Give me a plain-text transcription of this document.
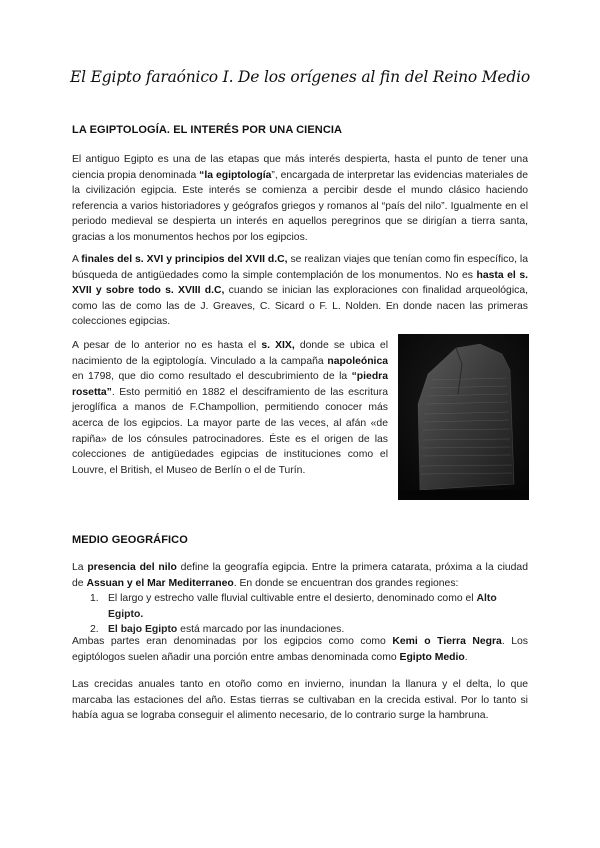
El Egipto faraónico I. De los orígenes al fin del Reino Medio
LA EGIPTOLOGÍA. EL INTERÉS POR UNA CIENCIA

El antiguo Egipto es una de las etapas que más interés despierta, hasta el punto de tener una ciencia propia denominada “la egiptología”, encargada de interpretar las evidencias materiales de la civilización egipcia. Este interés se comienza a percibir desde el mundo clásico haciendo referencia a varios historiadores y geógrafos griegos y romanos al “país del nilo”. Igualmente en el periodo medieval se despierta un interés en aquellos peregrinos que se dirigían a tierra santa, gracias a los monumentos hechos por los egipcios.

A finales del s. XVI y principios del XVII d.C, se realizan viajes que tenían como fin específico, la búsqueda de antigüedades como la simple contemplación de los monumentos. No es hasta el s. XVII y sobre todo s. XVIII d.C, cuando se inician las exploraciones con finalidad arqueológica, como las de como las de J. Greaves, C. Sicard o F. L. Nolden. En donde nacen las primeras colecciones egipcias.

A pesar de lo anterior no es hasta el s. XIX, donde se ubica el nacimiento de la egiptología. Vinculado a la campaña napoleónica en 1798, que dio como resultado el descubrimiento de la “piedra rosetta”. Esto permitió en 1882 el desciframiento de las escritura jeroglífica a manos de F.Champollion, permitiendo conocer más acerca de los egipcios. La mayor parte de las veces, al afán «de rapiña» de los cónsules patrocinadores. Éste es el origen de las colecciones de antigüedades egipcias de instituciones como el Louvre, el British, el Museo de Berlín o el de Turín.

MEDIO GEOGRÁFICO

La presencia del nilo define la geografía egipcia. Entre la primera catarata, próxima a la ciudad de Assuan y el Mar Mediterraneo. En donde se encuentran dos grandes regiones:

1. El largo y estrecho valle fluvial cultivable entre el desierto, denominado como el Alto Egipto.
2. El bajo Egipto está marcado por las inundaciones.

Ambas partes eran denominadas por los egipcios como como Kemi o Tierra Negra. Los egiptólogos suelen añadir una porción entre ambas denominada como Egipto Medio.

Las crecidas anuales tanto en otoño como en invierno, inundan la llanura y el delta, lo que marcaba las estaciones del año. Estas tierras se cultivaban en la crecida estival. Por lo tanto si había agua se lograba conseguir el alimento necesario, de lo contrario surge la hambruna.
